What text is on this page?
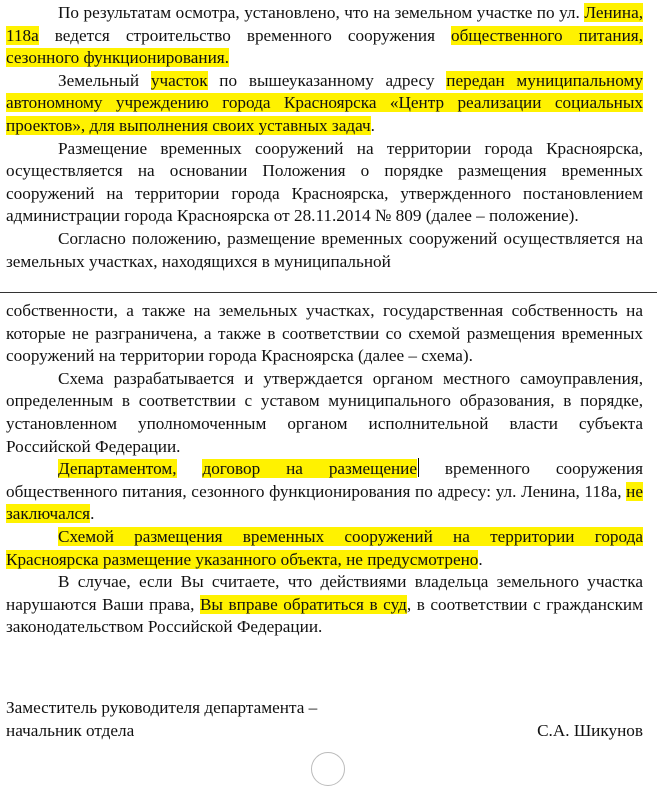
По результатам осмотра, установлено, что на земельном участке по ул. Ленина, 118а ведется строительство временного сооружения общественного питания, сезонного функционирования.

Земельный участок по вышеуказанному адресу передан муниципальному автономному учреждению города Красноярска «Центр реализации социальных проектов», для выполнения своих уставных задач.

Размещение временных сооружений на территории города Красноярска, осуществляется на основании Положения о порядке размещения временных сооружений на территории города Красноярска, утвержденного постановлением администрации города Красноярска от 28.11.2014 № 809 (далее – положение).

Согласно положению, размещение временных сооружений осуществляется на земельных участках, находящихся в муниципальной

собственности, а также на земельных участках, государственная собственность на которые не разграничена, а также в соответствии со схемой размещения временных сооружений на территории города Красноярска (далее – схема).

Схема разрабатывается и утверждается органом местного самоуправления, определенным в соответствии с уставом муниципального образования, в порядке, установленном уполномоченным органом исполнительной власти субъекта Российской Федерации.

Департаментом, договор на размещение временного сооружения общественного питания, сезонного функционирования по адресу: ул. Ленина, 118а, не заключался.

Схемой размещения временных сооружений на территории города Красноярска размещение указанного объекта, не предусмотрено.

В случае, если Вы считаете, что действиями владельца земельного участка нарушаются Ваши права, Вы вправе обратиться в суд, в соответствии с гражданским законодательством Российской Федерации.

Заместитель руководителя департамента –
начальник отдела	С.А. Шикунов
